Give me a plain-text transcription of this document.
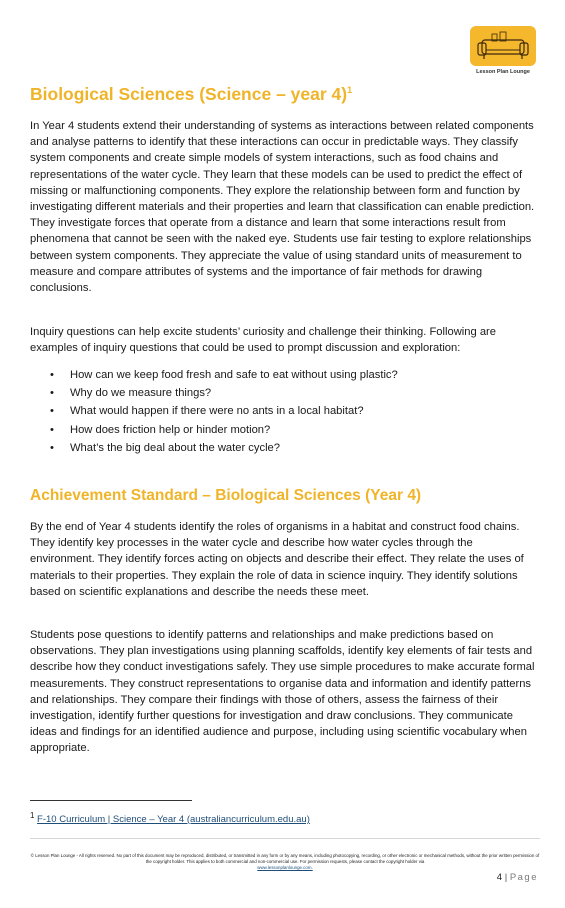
Lesson Plan Lounge
Biological Sciences (Science – year 4)$^1$

In Year 4 students extend their understanding of systems as interactions between related components and analyse patterns to identify that these interactions can occur in predictable ways. They classify system components and create simple models of system interactions, such as food chains and representations of the water cycle. They learn that these models can be used to predict the effect of missing or malfunctioning components. They explore the relationship between form and function by investigating different materials and their properties and learn that classification can enable prediction. They investigate forces that operate from a distance and learn that some interactions result from phenomena that cannot be seen with the naked eye. Students use fair testing to explore relationships between system components. They appreciate the value of using standard units of measurement to measure and compare attributes of systems and the importance of fair methods for drawing conclusions.

Inquiry questions can help excite students’ curiosity and challenge their thinking. Following are examples of inquiry questions that could be used to prompt discussion and exploration:

• How can we keep food fresh and safe to eat without using plastic?
• Why do we measure things?
• What would happen if there were no ants in a local habitat?
• How does friction help or hinder motion?
• What’s the big deal about the water cycle?
Achievement Standard – Biological Sciences (Year 4)

By the end of Year 4 students identify the roles of organisms in a habitat and construct food chains. They identify key processes in the water cycle and describe how water cycles through the environment. They identify forces acting on objects and describe their effect. They relate the uses of materials to their properties. They explain the role of data in science inquiry. They identify solutions based on scientific explanations and describe the needs these meet.

Students pose questions to identify patterns and relationships and make predictions based on observations. They plan investigations using planning scaffolds, identify key elements of fair tests and describe how they conduct investigations safely. They use simple procedures to make accurate formal measurements. They construct representations to organise data and information and identify patterns and relationships. They compare their findings with those of others, assess the fairness of their investigation, identify further questions for investigation and draw conclusions. They communicate ideas and findings for an identified audience and purpose, including using scientific vocabulary when appropriate.

$^1$ F-10 Curriculum | Science – Year 4 (australiancurriculum.edu.au)
© Lesson Plan Lounge - All rights reserved. No part of this document may be reproduced, distributed, or transmitted in any form or by any means, including photocopying, recording, or other electronic or mechanical methods, without the prior written permission of the copyright holder. This applies to both commercial and non-commercial use. For permission requests, please contact the copyright holder via
www.lessonplanlounge.com.
4 | Page
